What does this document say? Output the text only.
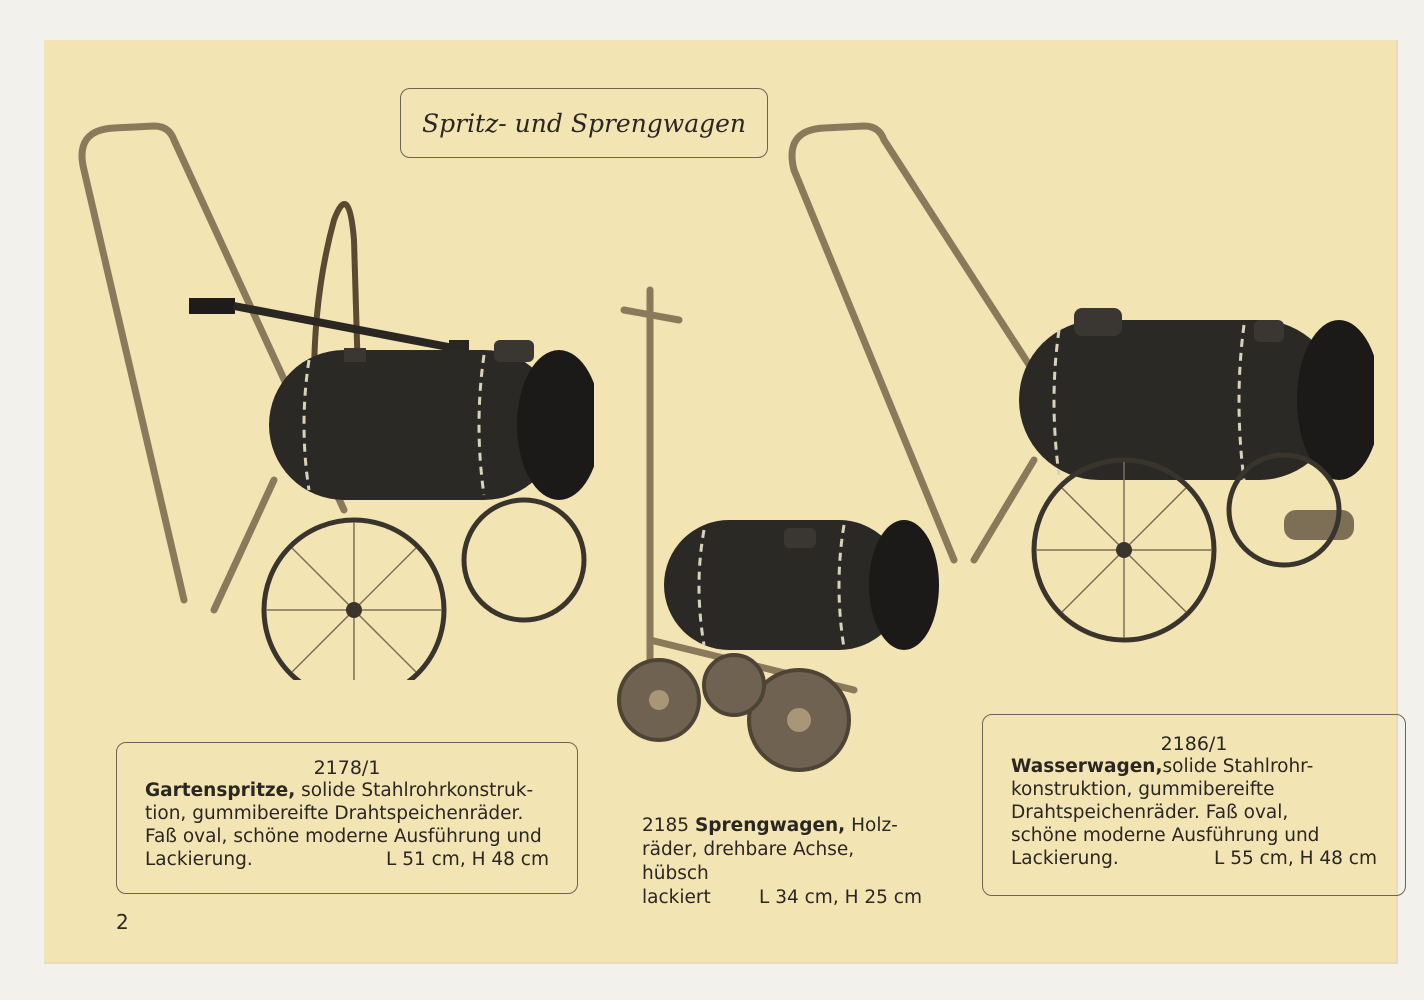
Spritz- und Sprengwagen
2178/1
Gartenspritze, solide Stahlrohrkonstruk-
tion, gummibereifte Drahtspeichenräder.
Faß oval, schöne moderne Ausführung und
Lackierung.	L 51 cm, H 48 cm
2185 Sprengwagen, Holz-
räder, drehbare Achse, hübsch
lackiert	L 34 cm, H 25 cm
2186/1
Wasserwagen,solide Stahlrohr-
konstruktion, gummibereifte
Drahtspeichenräder. Faß oval,
schöne moderne Ausführung und
Lackierung.	L 55 cm, H 48 cm
2
